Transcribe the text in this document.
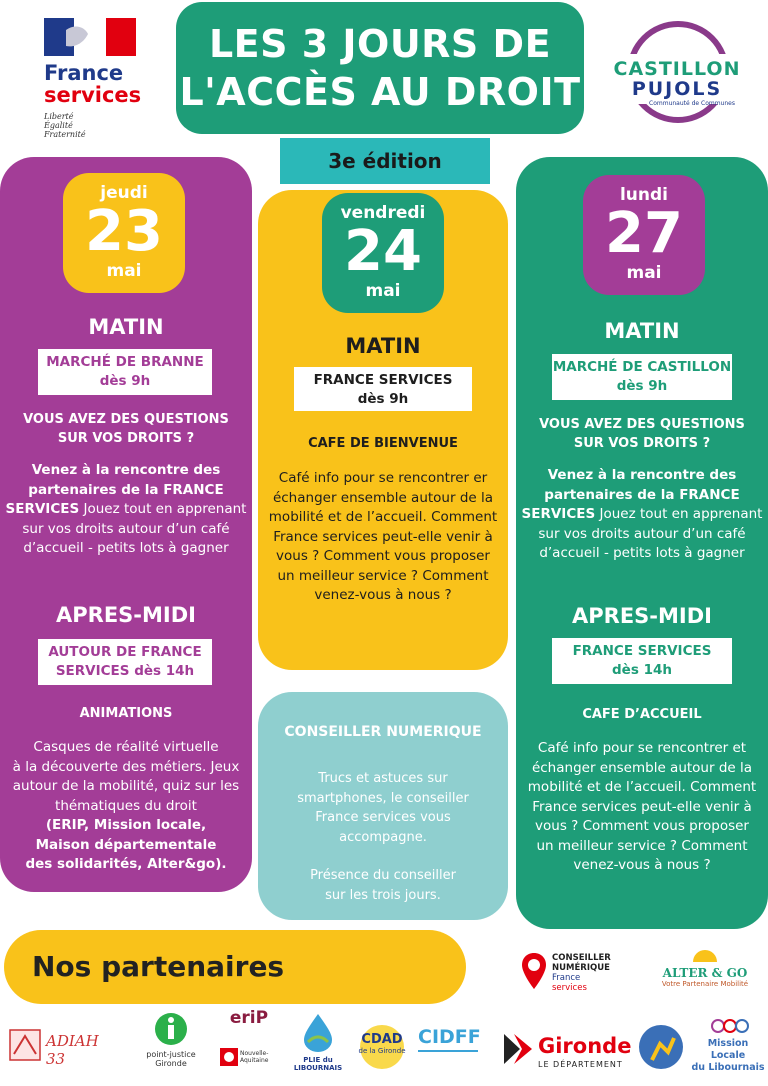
France
services
Liberté
Égalité
Fraternité
LES 3 JOURS DE
L'ACCÈS AU DROIT
3e édition
CASTILLON
PUJOLS
Communauté de Communes
jeudi
23
mai
MATIN
MARCHÉ DE BRANNE
dès 9h
VOUS AVEZ DES QUESTIONS
SUR VOS DROITS ?
Venez à la rencontre des
partenaires de la FRANCE
SERVICES Jouez tout en apprenant
sur vos droits autour d’un café
d’accueil - petits lots à gagner
APRES-MIDI
AUTOUR DE FRANCE
SERVICES dès 14h
ANIMATIONS
Casques de réalité virtuelle
à la découverte des métiers. Jeux
autour de la mobilité, quiz sur les
thématiques du droit
(ERIP, Mission locale,
Maison départementale
des solidarités, Alter&go).
vendredi
24
mai
MATIN
FRANCE SERVICES
dès 9h
CAFE DE BIENVENUE
Café info pour se rencontrer er
échanger ensemble autour de la
mobilité et de l’accueil. Comment
France services peut-elle venir à
vous ? Comment vous proposer
un meilleur service ? Comment
venez-vous à nous ?
CONSEILLER NUMERIQUE
Trucs et astuces sur
smartphones, le conseiller
France services vous
accompagne.
Présence du conseiller
sur les trois jours.
lundi
27
mai
MATIN
MARCHÉ DE CASTILLON
dès 9h
VOUS AVEZ DES QUESTIONS
SUR VOS DROITS ?
Venez à la rencontre des
partenaires de la FRANCE
SERVICES Jouez tout en apprenant
sur vos droits autour d’un café
d’accueil - petits lots à gagner
APRES-MIDI
FRANCE SERVICES
dès 14h
CAFE D’ACCUEIL
Café info pour se rencontrer et
échanger ensemble autour de la
mobilité et de l’accueil. Comment
France services peut-elle venir à
vous ? Comment vous proposer
un meilleur service ? Comment
venez-vous à nous ?
Nos partenaires	CONSEILLER
NUMÉRIQUE
France
services
ALTER & GO
Votre Partenaire Mobilité
ADIAH 33	point-justice
Gironde
eriP
Nouvelle-Aquitaine	PLIE du LIBOURNAIS
CDAD
de la Gironde
CIDFF	Gironde
LE DÉPARTEMENT
Mission Locale
du Libournais
